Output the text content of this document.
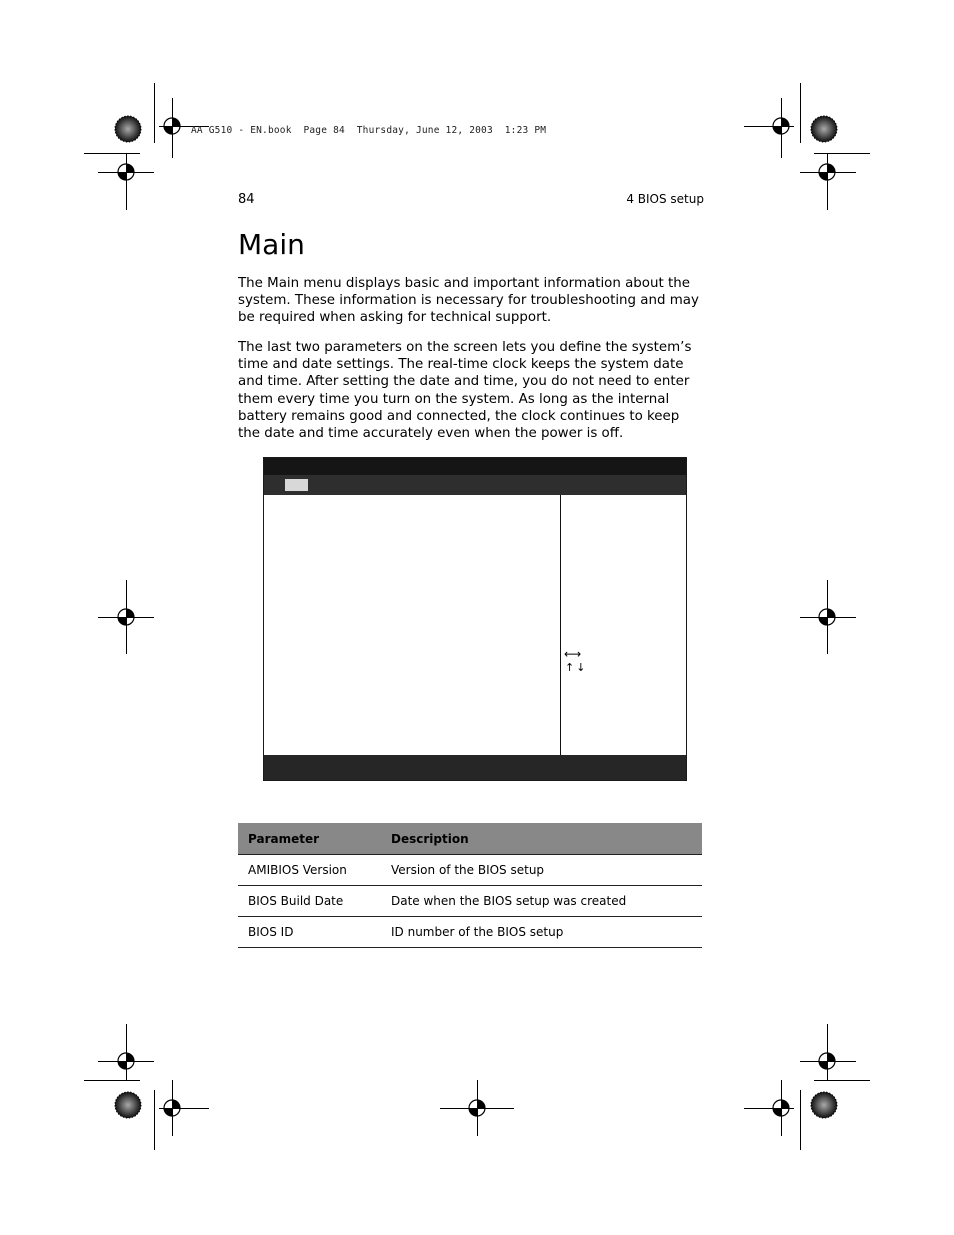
AA G510 - EN.book  Page 84  Thursday, June 12, 2003  1:23 PM
84	4 BIOS setup
Main

The Main menu displays basic and important information about the system. These information is necessary for troubleshooting and may be required when asking for technical support.

The last two parameters on the screen lets you define the system’s time and date settings. The real-time clock keeps the system date and time. After setting the date and time, you do not need to enter them every time you turn on the system. As long as the internal battery remains good and connected, the clock continues to keep the date and time accurately even when the power is off.

⟷
↑↓
Parameter	Description
AMIBIOS Version	Version of the BIOS setup
BIOS Build Date	Date when the BIOS setup was created
BIOS ID	ID number of the BIOS setup
